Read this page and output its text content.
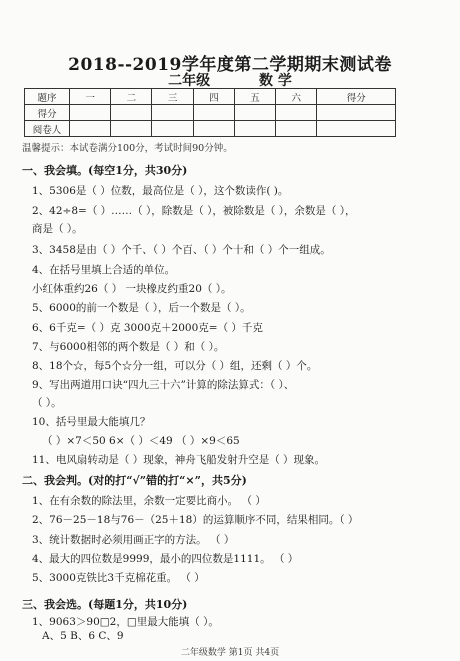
2018--2019学年度第二学期期末测试卷
二年级	数 学
题序	一	二	三	四	五	六	得分
得分							
阅卷人							
温馨提示：本试卷满分100分，考试时间90分钟。
一、我会填。(每空1分，共30分)
1、5306是（ ）位数，最高位是（ ），这个数读作( )。
2、42÷8=（ ）……（ ），除数是（ ），被除数是（ ），余数是（ ），
商是（ ）。
3、3458是由（ ）个千、（ ）个百、（ ）个十和（ ）个一组成。
4、在括号里填上合适的单位。
小红体重约26（ ） 一块橡皮约重20（ ）。
5、6000的前一个数是（ ），后一个数是（ ）。
6、6千克=（ ）克 3000克＋2000克=（ ）千克
7、与6000相邻的两个数是（ ）和（ ）。
8、18个☆，每5个☆分一组，可以分（ ）组，还剩（ ）个。
9、写出两道用口诀“四九三十六”计算的除法算式：（ ）、
（ ）。
10、括号里最大能填几？
（ ）×7＜50 6×（ ）＜49 （ ）×9＜65
11、电风扇转动是（ ）现象，神舟飞船发射升空是（ ）现象。
二、我会判。(对的打“√”错的打“×”，共5分)
1、在有余数的除法里，余数一定要比商小。 （ ）
2、76－25－18与76－（25＋18）的运算顺序不同，结果相同。（ ）
3、统计数据时必须用画正字的方法。 （ ）
4、最大的四位数是9999，最小的四位数是1111。 （ ）
5、3000克铁比3千克棉花重。 （ ）
三、我会选。(每题1分，共10分)
1、9063＞90□2，□里最大能填（ ）。
A、5 B、6 C、9
二年级数学 第1页 共4页
